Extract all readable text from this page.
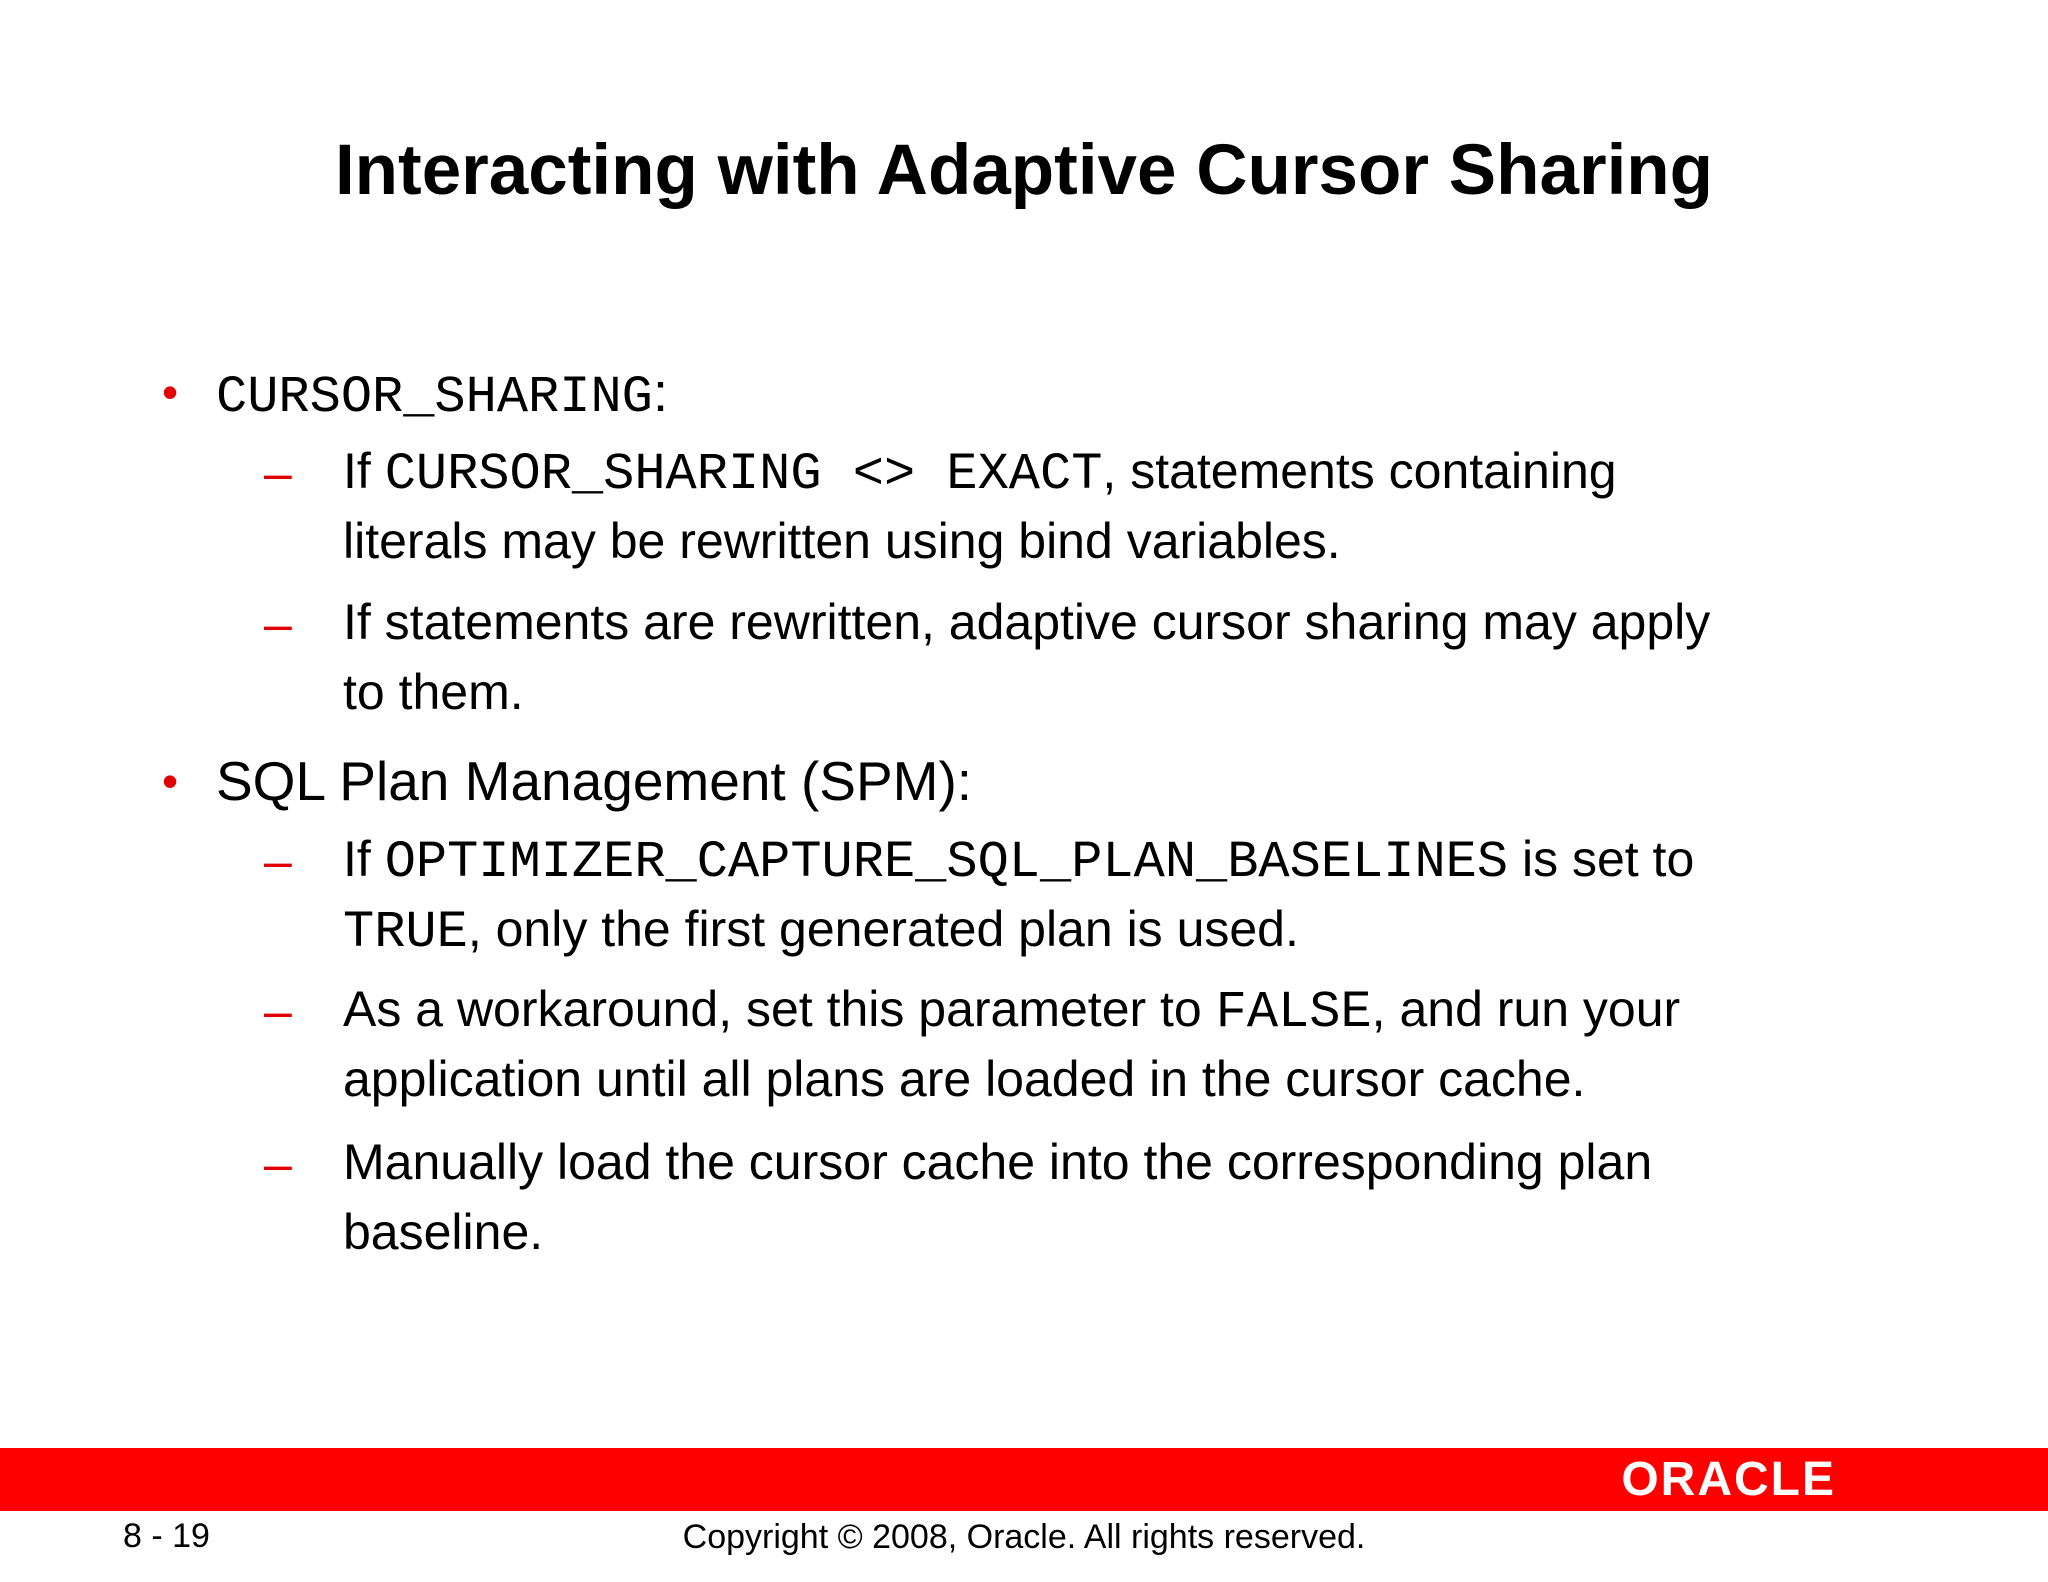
Interacting with Adaptive Cursor Sharing
• CURSOR_SHARING:
– If CURSOR_SHARING <> EXACT, statements containing
literals may be rewritten using bind variables.
– If statements are rewritten, adaptive cursor sharing may apply
to them.
• SQL Plan Management (SPM):
– If OPTIMIZER_CAPTURE_SQL_PLAN_BASELINES is set to
TRUE, only the first generated plan is used.
– As a workaround, set this parameter to FALSE, and run your
application until all plans are loaded in the cursor cache.
– Manually load the cursor cache into the corresponding plan
baseline.
ORACLE
8 - 19	Copyright © 2008, Oracle. All rights reserved.
